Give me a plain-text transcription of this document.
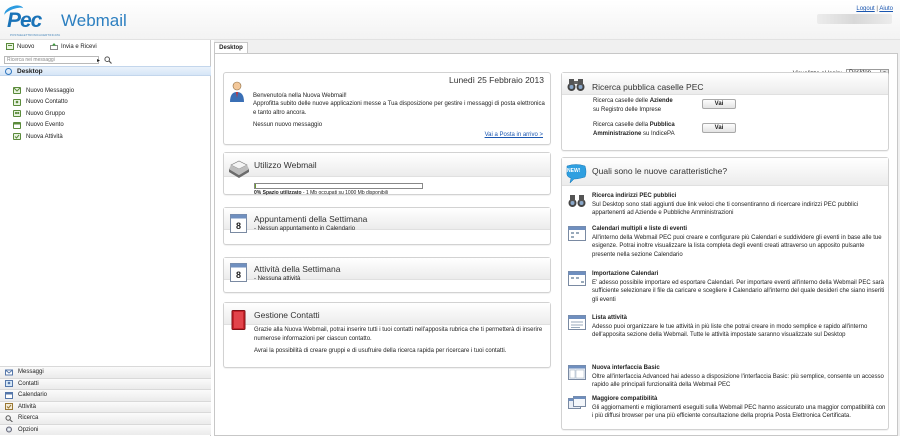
Pec
POSTAELETTRONICACERTIFICATA
Webmail
Logout | Aiuto
Nuovo	Invia e Ricevi
Ricerca nei messaggi	▸
Desktop
Nuovo Messaggio
Nuovo Contatto
Nuovo Gruppo
Nuovo Evento
Nuova Attività
Messaggi
Contatti
Calendario
Attività
Ricerca
Opzioni
Desktop
Lunedì 25 Febbraio 2013
Benvenuto/a nella Nuova Webmail!
Approfitta subito delle nuove applicazioni messe a Tua disposizione per gestire i messaggi di posta elettronica e tanto altro ancora.
Nessun nuovo messaggio
Vai a Posta in arrivo >
Utilizzo Webmail
0% Spazio utilizzato - 1 Mb occupati su 1000 Mb disponibili
8
Appuntamenti della Settimana
- Nessun appuntamento in Calendario
8
Attività della Settimana
- Nessuna attività
Gestione Contatti
Grazie alla Nuova Webmail, potrai inserire tutti i tuoi contatti nell'apposita rubrica che ti permetterà di inserire numerose informazioni per ciascun contatto.
Avrai la possibilità di creare gruppi e di usufruire della ricerca rapida per ricercare i tuoi contatti.
Ricerca pubblica caselle PEC
Ricerca caselle delle Aziende
su Registro delle Imprese
Vai
Ricerca caselle della Pubblica Amministrazione su IndicePA
Vai
NEW! Quali sono le nuove caratteristiche?
Ricerca indirizzi PEC pubblici
Sul Desktop sono stati aggiunti due link veloci che ti consentiranno di ricercare indirizzi PEC pubblici appartenenti ad Aziende e Pubbliche Amministrazioni
Calendari multipli e liste di eventi
All'interno della Webmail PEC puoi creare e configurare più Calendari e suddividere gli eventi in base alle tue esigenze. Potrai inoltre visualizzare la lista completa degli eventi creati attraverso un apposito pulsante presente nella sezione Calendario
Importazione Calendari
E' adesso possibile importare ed esportare Calendari. Per importare eventi all'interno della Webmail PEC sarà sufficiente selezionare il file da caricare e scegliere il Calendario all'interno del quale desideri che siano inseriti gli eventi
Lista attività
Adesso puoi organizzare le tue attività in più liste che potrai creare in modo semplice e rapido all'interno dell'apposita sezione della Webmail. Tutte le attività impostate saranno visualizzate sul Desktop
Nuova interfaccia Basic
Oltre all'interfaccia Advanced hai adesso a disposizione l'interfaccia Basic: più semplice, consente un accesso rapido alle principali funzionalità della Webmail PEC
Maggiore compatibilità
Gli aggiornamenti e miglioramenti eseguiti sulla Webmail PEC hanno assicurato una maggior compatibilità con i più diffusi browser per una più efficiente consultazione della propria Posta Elettronica Certificata.
